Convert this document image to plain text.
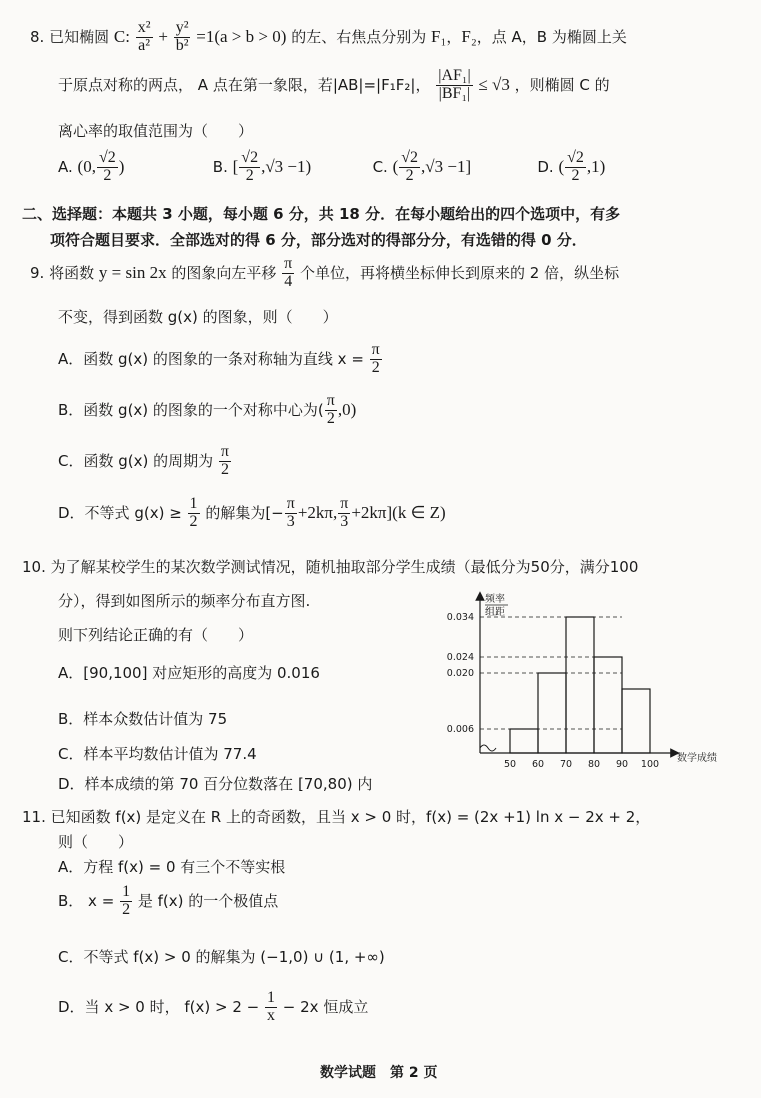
8. 已知椭圆 C: $\frac{\text{x²}}{\text{a²}} + \frac{\text{y²}}{\text{b²}} =1(a > b > 0)$ 的左、右焦点分别为 F₁，F₂，点 A，B 为椭圆上关
于原点对称的两点， A 点在第一象限，若|AB|=|F₁F₂|， $\frac{\text{|AF₁|}}{\text{|BF₁|}} \le √3$ ，则椭圆 C 的
离心率的取值范围为（　　）
A. (0, $\frac{√2}{2}$ )	B. [ $\frac{√2}{2} ,√3 -1$)	C. ( $\frac{√2}{2} ,√3 -1$]	D. ( $\frac{√2}{2} ,1$)
二、选择题：本题共 3 小题，每小题 6 分，共 18 分．在每小题给出的四个选项中，有多
项符合题目要求．全部选对的得 6 分，部分选对的得部分分，有选错的得 0 分．
9. 将函数 y = sin 2x 的图象向左平移 $\frac{\pi}{4}$ 个单位，再将横坐标伸长到原来的 2 倍，纵坐标
不变，得到函数 g(x) 的图象，则（　　）
A．函数 g(x) 的图象的一条对称轴为直线 $x = \frac{\pi}{2}$
B．函数 g(x) 的图象的一个对称中心为( $\frac{\pi}{2} ,0$)
C．函数 g(x) 的周期为 $\frac{\pi}{2}$
D．不等式 $g(x) \ge \frac{1}{2}$ 的解集为[− $\frac{\pi}{3} +2k\pi$, $\frac{\pi}{3} +2k\pi](k$ ∈ Z)
10. 为了解某校学生的某次数学测试情况，随机抽取部分学生成绩（最低分为50分，满分100
分），得到如图所示的频率分布直方图.
则下列结论正确的有（　　）
A．[90,100] 对应矩形的高度为 0.016
B．样本众数估计值为 75
C．样本平均数估计值为 77.4
D．样本成绩的第 70 百分位数落在 [70,80) 内
频率
组距
数学成绩
0.034
0.024
0.020
0.006
50 60 70 80 90 100
11. 已知函数 f(x) 是定义在 R 上的奇函数，且当 x > 0 时，f(x) = (2x +1) ln x − 2x + 2，
则（　　）
A．方程 f(x) = 0 有三个不等实根
B． $x = \frac{1}{2}$ 是 f(x) 的一个极值点
C．不等式 f(x) > 0 的解集为 (−1,0) ∪ (1, +∞)
D．当 x > 0 时， $f(x) > 2 - \frac{1}{x} - 2x$ 恒成立
数学试题　第 2 页
